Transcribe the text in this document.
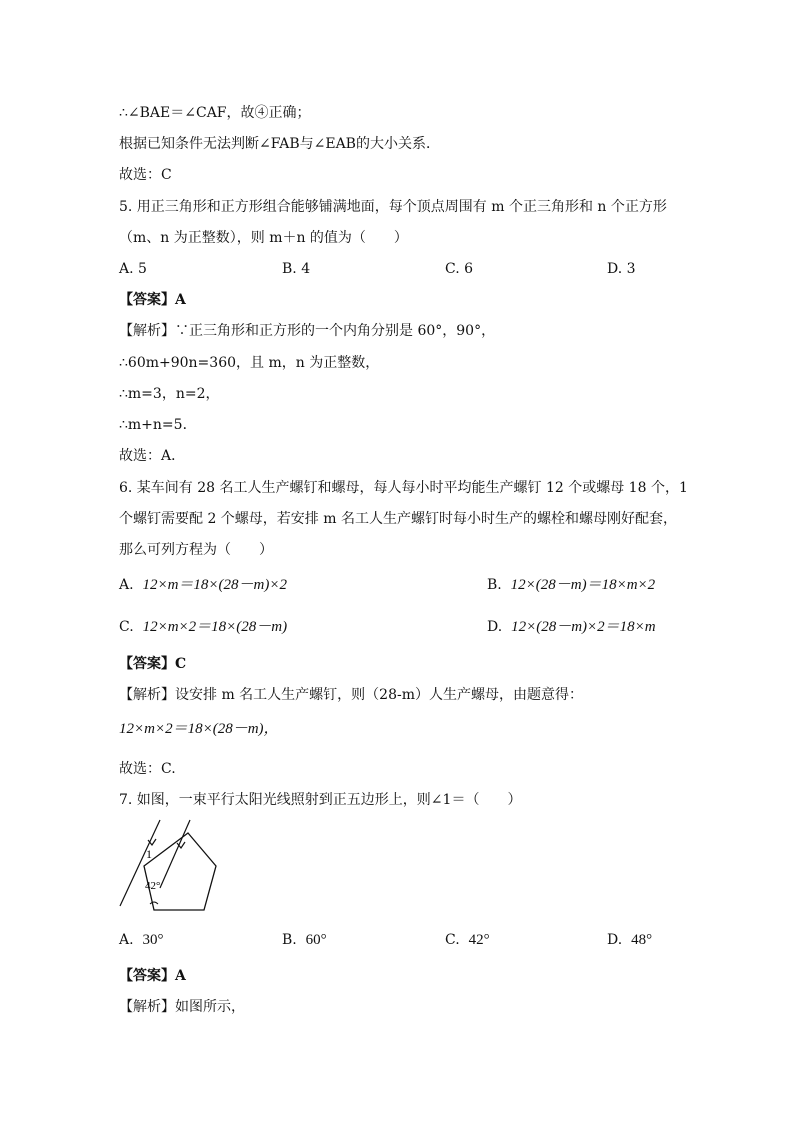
∴∠BAE＝∠CAF，故④正确；
根据已知条件无法判断∠FAB与∠EAB的大小关系．
故选：C
5. 用正三角形和正方形组合能够铺满地面，每个顶点周围有 m 个正三角形和 n 个正方形
（m、n 为正整数），则 m＋n 的值为（　　）
A. 5	B. 4	C. 6	D. 3
【答案】A
【解析】∵正三角形和正方形的一个内角分别是 60°，90°，
∴60m+90n=360，且 m，n 为正整数，
∴m=3，n=2，
∴m+n=5．
故选：A．
6. 某车间有 28 名工人生产螺钉和螺母，每人每小时平均能生产螺钉 12 个或螺母 18 个，1
个螺钉需要配 2 个螺母，若安排 m 名工人生产螺钉时每小时生产的螺栓和螺母刚好配套，
那么可列方程为（　　）
A. 12×m＝18×(28－m)×2	B. 12×(28－m)＝18×m×2
C. 12×m×2＝18×(28－m)	D. 12×(28－m)×2＝18×m
【答案】C
【解析】设安排 m 名工人生产螺钉，则（28-m）人生产螺母，由题意得：
12×m×2＝18×(28－m)，
故选：C.
7. 如图，一束平行太阳光线照射到正五边形上，则∠1＝（　　）
1
42°
A. 30°	B. 60°	C. 42°	D. 48°
【答案】A
【解析】如图所示，
